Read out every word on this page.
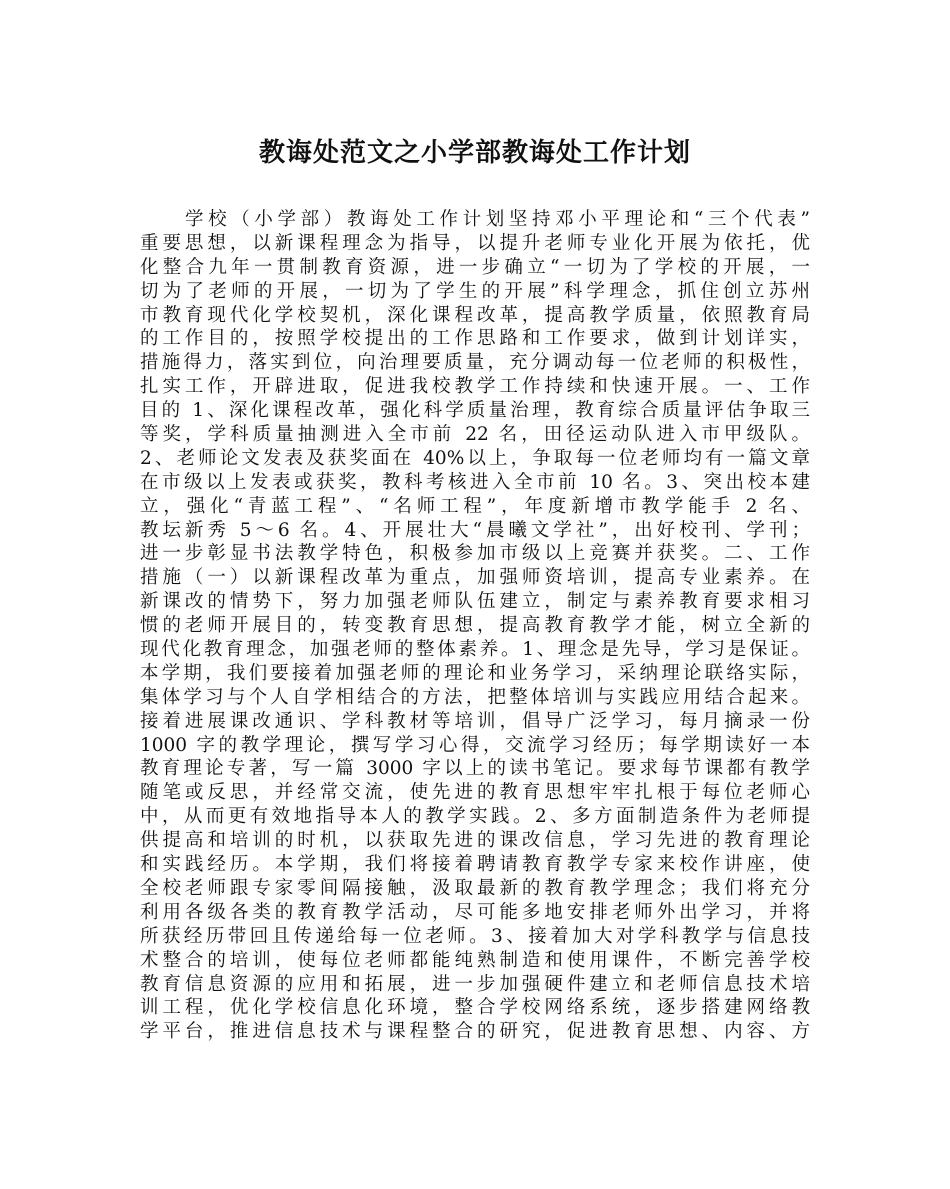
教诲处范文之小学部教诲处工作计划
学校（小学部）教诲处工作计划坚持邓小平理论和“三个代表”
重要思想，以新课程理念为指导，以提升老师专业化开展为依托，优
化整合九年一贯制教育资源，进一步确立“一切为了学校的开展，一
切为了老师的开展，一切为了学生的开展”科学理念，抓住创立苏州
市教育现代化学校契机，深化课程改革，提高教学质量，依照教育局
的工作目的，按照学校提出的工作思路和工作要求，做到计划详实，
措施得力，落实到位，向治理要质量，充分调动每一位老师的积极性，
扎实工作，开辟进取，促进我校教学工作持续和快速开展。一、工作
目的 1、深化课程改革，强化科学质量治理，教育综合质量评估争取三
等奖，学科质量抽测进入全市前 22 名，田径运动队进入市甲级队。
2、老师论文发表及获奖面在 40%以上，争取每一位老师均有一篇文章
在市级以上发表或获奖，教科考核进入全市前 10 名。3、突出校本建
立，强化“青蓝工程”、“名师工程”，年度新增市教学能手 2 名、
教坛新秀 5～6 名。4、开展壮大“晨曦文学社”，出好校刊、学刊；
进一步彰显书法教学特色，积极参加市级以上竞赛并获奖。二、工作
措施（一）以新课程改革为重点，加强师资培训，提高专业素养。在
新课改的情势下，努力加强老师队伍建立，制定与素养教育要求相习
惯的老师开展目的，转变教育思想，提高教育教学才能，树立全新的
现代化教育理念，加强老师的整体素养。1、理念是先导，学习是保证。
本学期，我们要接着加强老师的理论和业务学习，采纳理论联络实际，
集体学习与个人自学相结合的方法，把整体培训与实践应用结合起来。
接着进展课改通识、学科教材等培训，倡导广泛学习，每月摘录一份
1000 字的教学理论，撰写学习心得，交流学习经历；每学期读好一本
教育理论专著，写一篇 3000 字以上的读书笔记。要求每节课都有教学
随笔或反思，并经常交流，使先进的教育思想牢牢扎根于每位老师心
中，从而更有效地指导本人的教学实践。2、多方面制造条件为老师提
供提高和培训的时机，以获取先进的课改信息，学习先进的教育理论
和实践经历。本学期，我们将接着聘请教育教学专家来校作讲座，使
全校老师跟专家零间隔接触，汲取最新的教育教学理念；我们将充分
利用各级各类的教育教学活动，尽可能多地安排老师外出学习，并将
所获经历带回且传递给每一位老师。3、接着加大对学科教学与信息技
术整合的培训，使每位老师都能纯熟制造和使用课件，不断完善学校
教育信息资源的应用和拓展，进一步加强硬件建立和老师信息技术培
训工程，优化学校信息化环境，整合学校网络系统，逐步搭建网络教
学平台，推进信息技术与课程整合的研究，促进教育思想、内容、方
